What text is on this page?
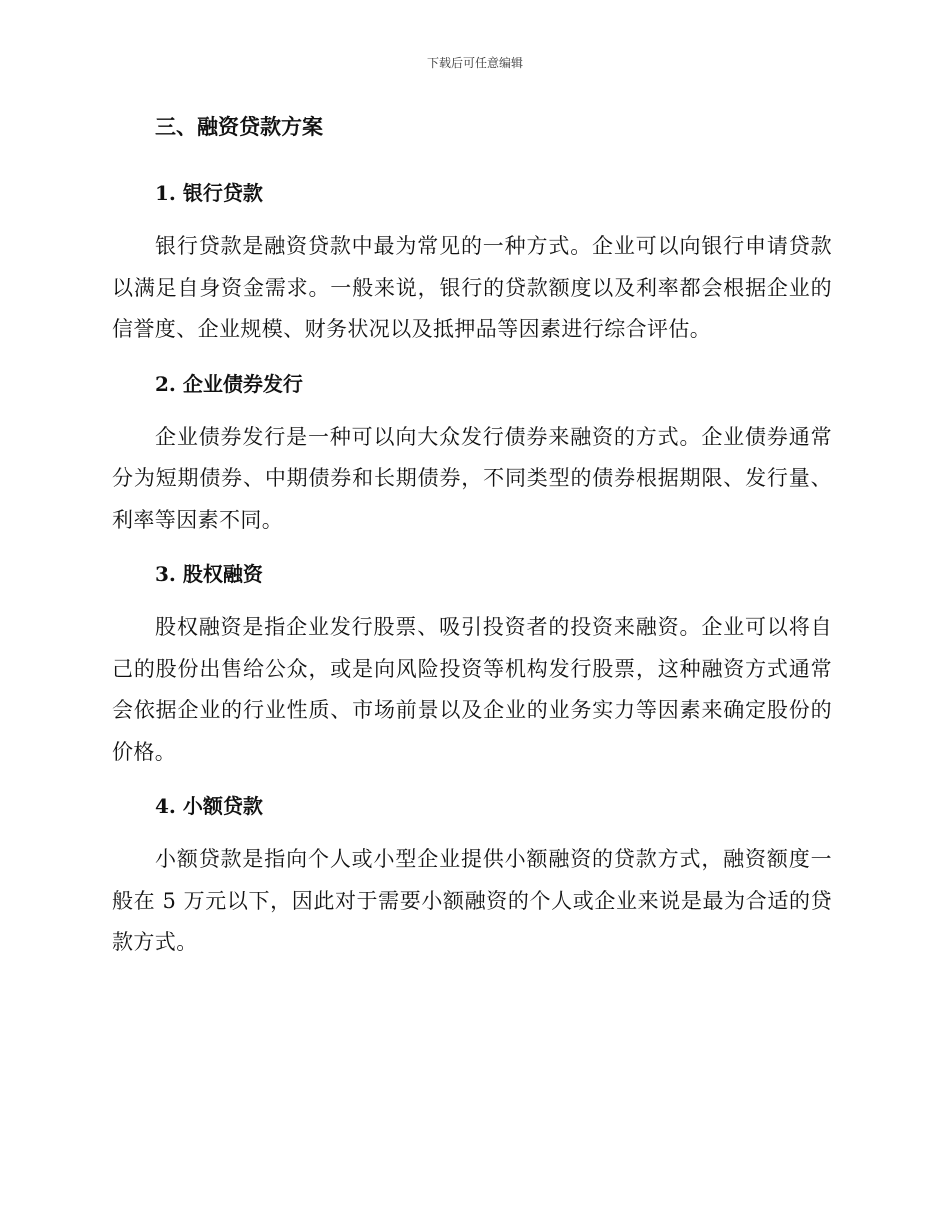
下载后可任意编辑
三、融资贷款方案
1. 银行贷款

银行贷款是融资贷款中最为常见的一种方式。企业可以向银行申请贷款以满足自身资金需求。一般来说，银行的贷款额度以及利率都会根据企业的信誉度、企业规模、财务状况以及抵押品等因素进行综合评估。

2. 企业债券发行

企业债券发行是一种可以向大众发行债券来融资的方式。企业债券通常分为短期债券、中期债券和长期债券，不同类型的债券根据期限、发行量、利率等因素不同。

3. 股权融资

股权融资是指企业发行股票、吸引投资者的投资来融资。企业可以将自己的股份出售给公众，或是向风险投资等机构发行股票，这种融资方式通常会依据企业的行业性质、市场前景以及企业的业务实力等因素来确定股份的价格。

4. 小额贷款

小额贷款是指向个人或小型企业提供小额融资的贷款方式，融资额度一般在 5 万元以下，因此对于需要小额融资的个人或企业来说是最为合适的贷款方式。
